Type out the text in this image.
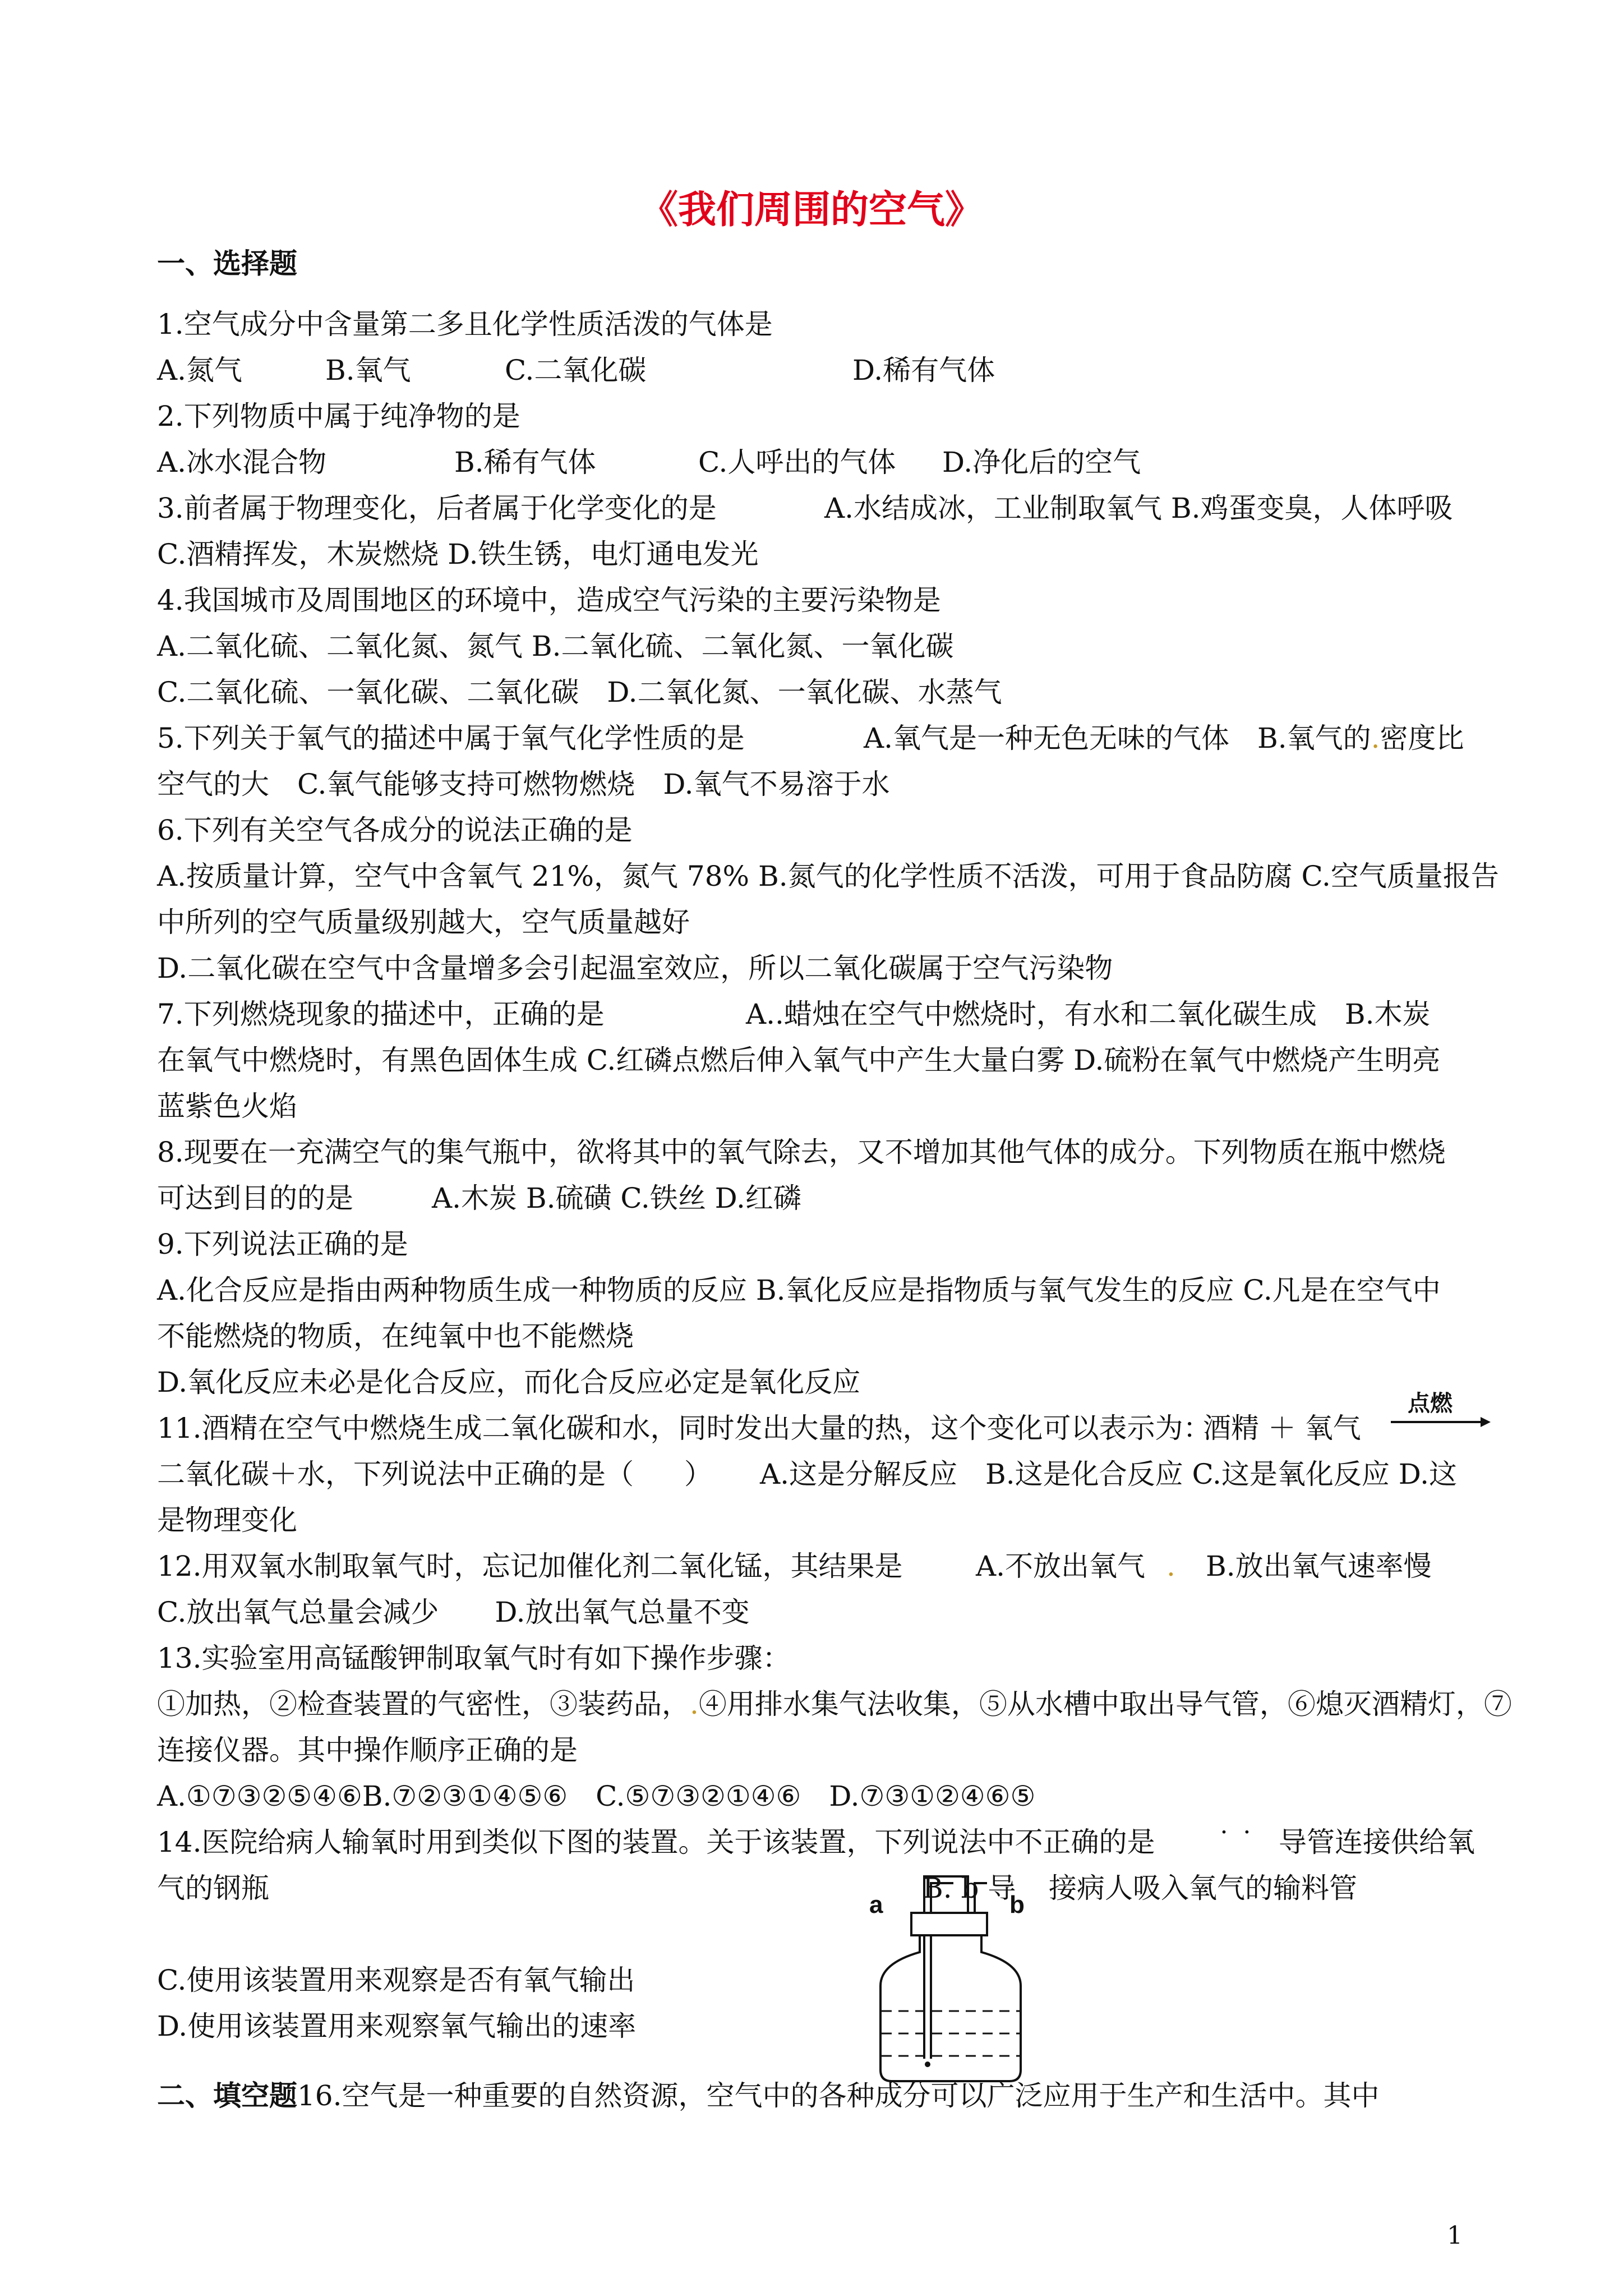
《我们周围的空气》
一、选择题
1.空气成分中含量第二多且化学性质活泼的气体是
A.氮气	B.氧气	C.二氧化碳	D.稀有气体
2.下列物质中属于纯净物的是
A.冰水混合物	B.稀有气体	C.人呼出的气体 D.净化后的空气
3.前者属于物理变化，后者属于化学变化的是	A.水结成冰，工业制取氧气 B.鸡蛋变臭，人体呼吸
C.酒精挥发，木炭燃烧 D.铁生锈，电灯通电发光
4.我国城市及周围地区的环境中，造成空气污染的主要污染物是
A.二氧化硫、二氧化氮、氮气 B.二氧化硫、二氧化氮、一氧化碳
C.二氧化硫、一氧化碳、二氧化碳　D.二氧化氮、一氧化碳、水蒸气
5.下列关于氧气的描述中属于氧气化学性质的是	A.氧气是一种无色无味的气体　B.氧气的.密度比
空气的大　C.氧气能够支持可燃物燃烧　D.氧气不易溶于水
6.下列有关空气各成分的说法正确的是
A.按质量计算，空气中含氧气 21%，氮气 78% B.氮气的化学性质不活泼，可用于食品防腐 C.空气质量报告
中所列的空气质量级别越大，空气质量越好
D.二氧化碳在空气中含量增多会引起温室效应，所以二氧化碳属于空气污染物
7.下列燃烧现象的描述中，正确的是	A..蜡烛在空气中燃烧时，有水和二氧化碳生成　B.木炭
在氧气中燃烧时，有黑色固体生成 C.红磷点燃后伸入氧气中产生大量白雾 D.硫粉在氧气中燃烧产生明亮
蓝紫色火焰
8.现要在一充满空气的集气瓶中，欲将其中的氧气除去，又不增加其他气体的成分。下列物质在瓶中燃烧
可达到目的的是	A.木炭 B.硫磺 C.铁丝 D.红磷
9.下列说法正确的是
A.化合反应是指由两种物质生成一种物质的反应 B.氧化反应是指物质与氧气发生的反应 C.凡是在空气中
不能燃烧的物质，在纯氧中也不能燃烧
D.氧化反应未必是化合反应，而化合反应必定是氧化反应
11.酒精在空气中燃烧生成二氧化碳和水，同时发出大量的热，这个变化可以表示为：
酒精 ＋ 氧气
点燃
二氧化碳＋水，下列说法中正确的是（ ） A.这是分解反应　B.这是化合反应 C.这是氧化反应 D.这
是物理变化
12.用双氧水制取氧气时，忘记加催化剂二氧化锰，其结果是	A.不放出氧气 . B.放出氧气速率慢
C.放出氧气总量会减少　　D.放出氧气总量不变
13.实验室用高锰酸钾制取氧气时有如下操作步骤：
①加热，②检查装置的气密性，③装药品，.④用排水集气法收集，⑤从水槽中取出导气管，⑥熄灭酒精灯，⑦
连接仪器。其中操作顺序正确的是
A.①⑦③②⑤④⑥B.⑦②③①④⑤⑥　C.⑤⑦③②①④⑥　D.⑦③①②④⑥⑤
14.医院给病人输氧时用到类似下图的装置。关于该装置，下列说法中不正确的是 ˙ ˙ 导管连接供给氧
气的钢瓶	B. b 导 接病人吸入氧气的输料管
C.使用该装置用来观察是否有氧气输出
D.使用该装置用来观察氧气输出的速率
a	b
二、填空题16.空气是一种重要的自然资源，空气中的各种成分可以广泛应用于生产和生活中。其中
1
